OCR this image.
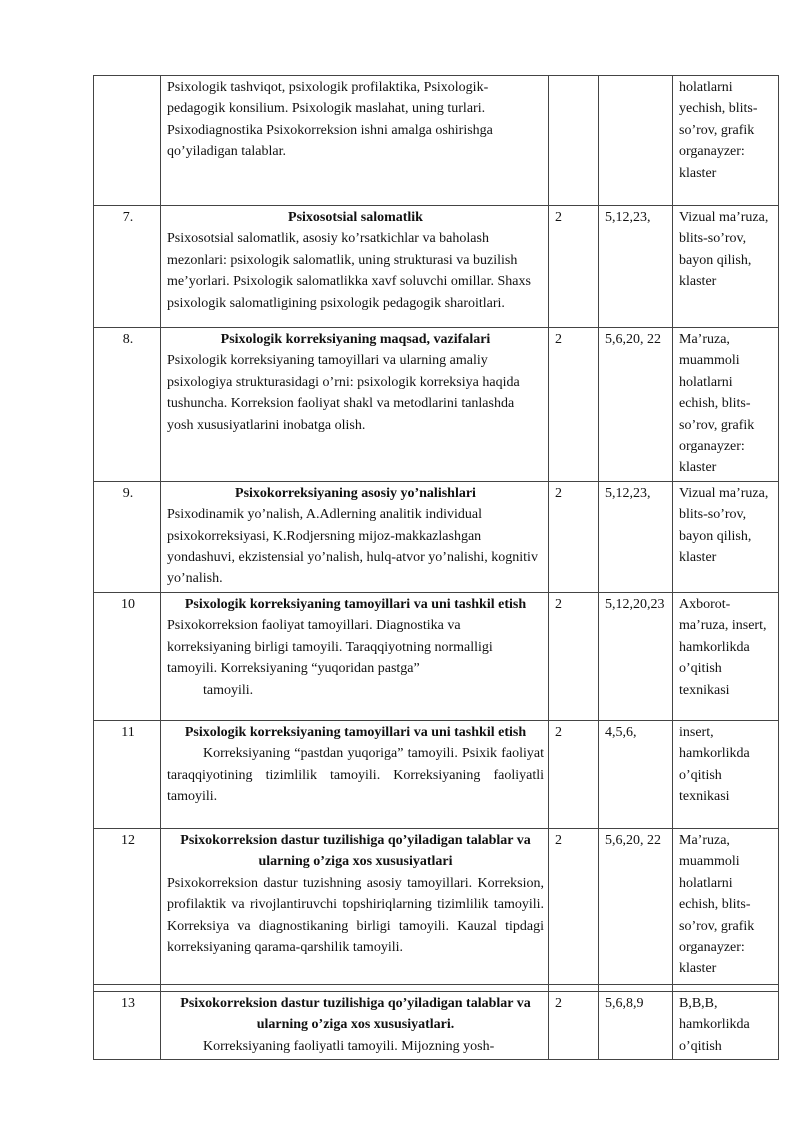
	Psixologik tashviqot, psixologik profilaktika, Psixologik-pedagogik konsilium. Psixologik maslahat, uning turlari. Psixodiagnostika Psixokorreksion ishni amalga oshirishga qo’yiladigan talablar.			holatlarni yechish, blits-so’rov, grafik organayzer: klaster
7.	Psixosotsial salomatlik
Psixosotsial salomatlik, asosiy ko’rsatkichlar va baholash mezonlari: psixologik salomatlik, uning strukturasi va buzilish me’yorlari. Psixologik salomatlikka xavf soluvchi omillar. Shaxs psixologik salomatligining psixologik pedagogik sharoitlari.	2	5,12,23,	Vizual ma’ruza, blits-so’rov, bayon qilish, klaster
8.	Psixologik korreksiyaning maqsad, vazifalari
Psixologik korreksiyaning tamoyillari va ularning amaliy psixologiya strukturasidagi o’rni: psixologik korreksiya haqida tushuncha. Korreksion faoliyat shakl va metodlarini tanlashda yosh xususiyatlarini inobatga olish.	2	5,6,20, 22	Ma’ruza, muammoli holatlarni echish, blits-so’rov, grafik organayzer: klaster
9.	Psixokorreksiyaning asosiy yo’nalishlari
Psixodinamik yo’nalish, A.Adlerning analitik individual psixokorreksiyasi, K.Rodjersning mijoz-makkazlashgan yondashuvi, ekzistensial yo’nalish, hulq-atvor yo’nalishi, kognitiv yo’nalish.	2	5,12,23,	Vizual ma’ruza, blits-so’rov, bayon qilish, klaster
10	Psixologik korreksiyaning tamoyillari va uni tashkil etish
Psixokorreksion faoliyat tamoyillari. Diagnostika va korreksiyaning birligi tamoyili. Taraqqiyotning normalligi tamoyili. Korreksiyaning “yuqoridan pastga”
tamoyili.	2	5,12,20,23	Axborot-ma’ruza, insert, hamkorlikda o’qitish texnikasi
11	Psixologik korreksiyaning tamoyillari va uni tashkil etish
Korreksiyaning “pastdan yuqoriga” tamoyili. Psixik faoliyat taraqqiyotining tizimlilik tamoyili. Korreksiyaning faoliyatli tamoyili.	2	4,5,6,	insert, hamkorlikda o’qitish texnikasi
12	Psixokorreksion dastur tuzilishiga qo’yiladigan talablar va ularning o’ziga xos xususiyatlari
Psixokorreksion dastur tuzishning asosiy tamoyillari. Korreksion, profilaktik va rivojlantiruvchi topshiriqlarning tizimlilik tamoyili. Korreksiya va diagnostikaning birligi tamoyili. Kauzal tipdagi korreksiyaning qarama-qarshilik tamoyili.	2	5,6,20, 22	Ma’ruza, muammoli holatlarni echish, blits-so’rov, grafik organayzer: klaster

13	Psixokorreksion dastur tuzilishiga qo’yiladigan talablar va ularning o’ziga xos xususiyatlari.
Korreksiyaning faoliyatli tamoyili. Mijozning yosh-	2	5,6,8,9	B,B,B, hamkorlikda o’qitish
